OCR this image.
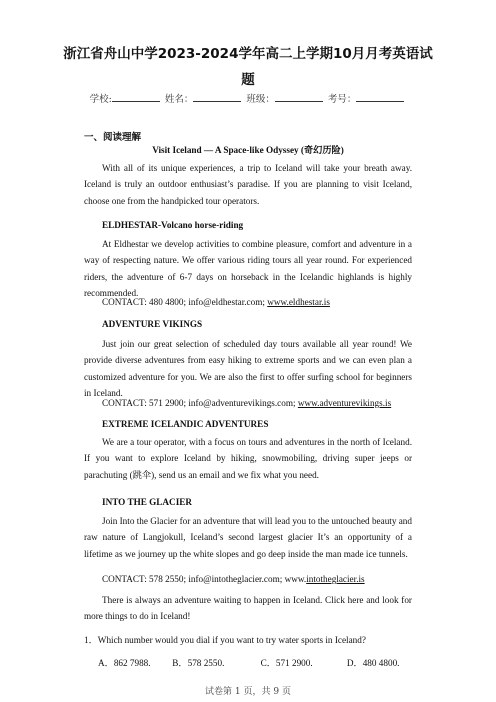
浙江省舟山中学2023-2024学年高二上学期10月月考英语试
题
学校:	姓名：	班级：	考号：
一、阅读理解
Visit Iceland — A Space-like Odyssey (奇幻历险)
With all of its unique experiences, a trip to Iceland will take your breath away. Iceland is truly an outdoor enthusiast’s paradise. If you are planning to visit Iceland, choose one from the handpicked tour operators.
ELDHESTAR-Volcano horse-riding
At Eldhestar we develop activities to combine pleasure, comfort and adventure in a way of respecting nature. We offer various riding tours all year round. For experienced riders, the adventure of 6-7 days on horseback in the Icelandic highlands is highly recommended.
CONTACT: 480 4800; info@eldhestar.com; www.eldhestar.is
ADVENTURE VIKINGS
Just join our great selection of scheduled day tours available all year round! We provide diverse adventures from easy hiking to extreme sports and we can even plan a customized adventure for you. We are also the first to offer surfing school for beginners in Iceland.
CONTACT: 571 2900; info@adventurevikings.com; www.adventurevikings.is
EXTREME ICELANDIC ADVENTURES
We are a tour operator, with a focus on tours and adventures in the north of Iceland. If you want to explore Iceland by hiking, snowmobiling, driving super jeeps or parachuting (跳伞), send us an email and we fix what you need.
INTO THE GLACIER
Join Into the Glacier for an adventure that will lead you to the untouched beauty and raw nature of Langjokull, Iceland’s second largest glacier It’s an opportunity of a lifetime as we journey up the white slopes and go deep inside the man made ice tunnels.
CONTACT: 578 2550; info@intotheglacier.com; www.intotheglacier.is
There is always an adventure waiting to happen in Iceland. Click here and look for more things to do in Iceland!
1．Which number would you dial if you want to try water sports in Iceland?
A．862 7988. B．578 2550.	C．571 2900.	D．480 4800.
试卷第 1 页，共 9 页
